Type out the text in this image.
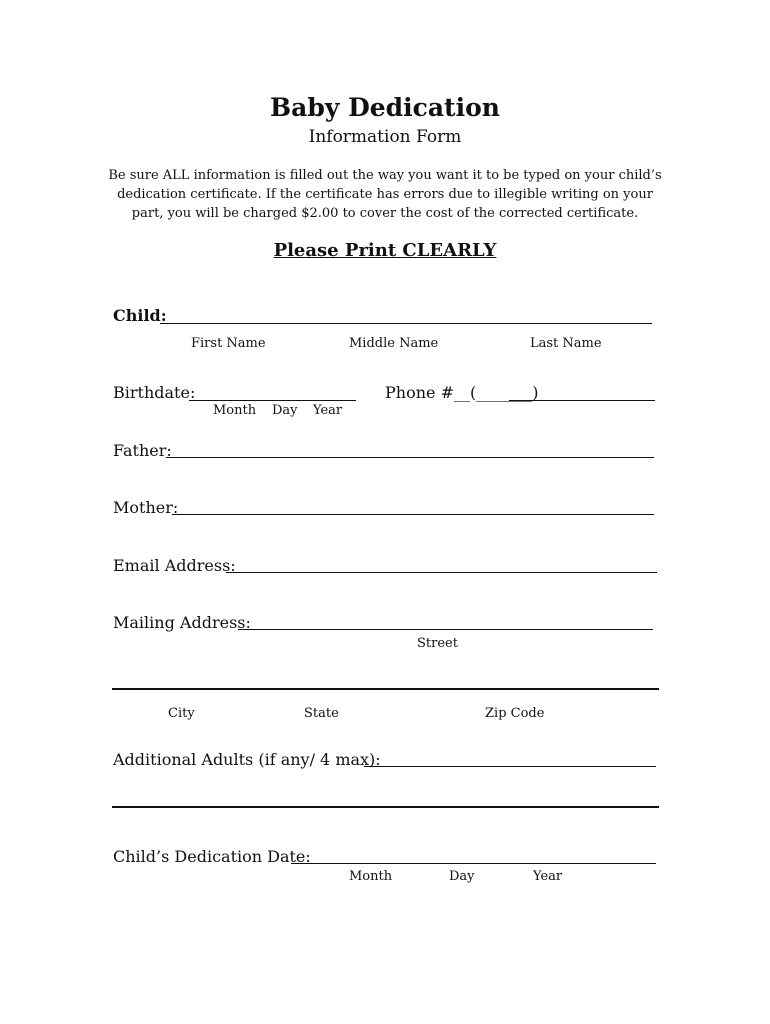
Baby Dedication
Information Form
Be sure ALL information is filled out the way you want it to be typed on your child’s dedication certificate. If the certificate has errors due to illegible writing on your part, you will be charged $2.00 to cover the cost of the corrected certificate.
Please Print CLEARLY
Child:
First Name	Middle Name	Last Name
Birthdate:
Month Day Year
Phone #__(_______)
Father:
Mother:
Email Address:
Mailing Address:
Street
City	State	Zip Code
Additional Adults (if any/ 4 max):
Child’s Dedication Date:
Month	Day	Year
